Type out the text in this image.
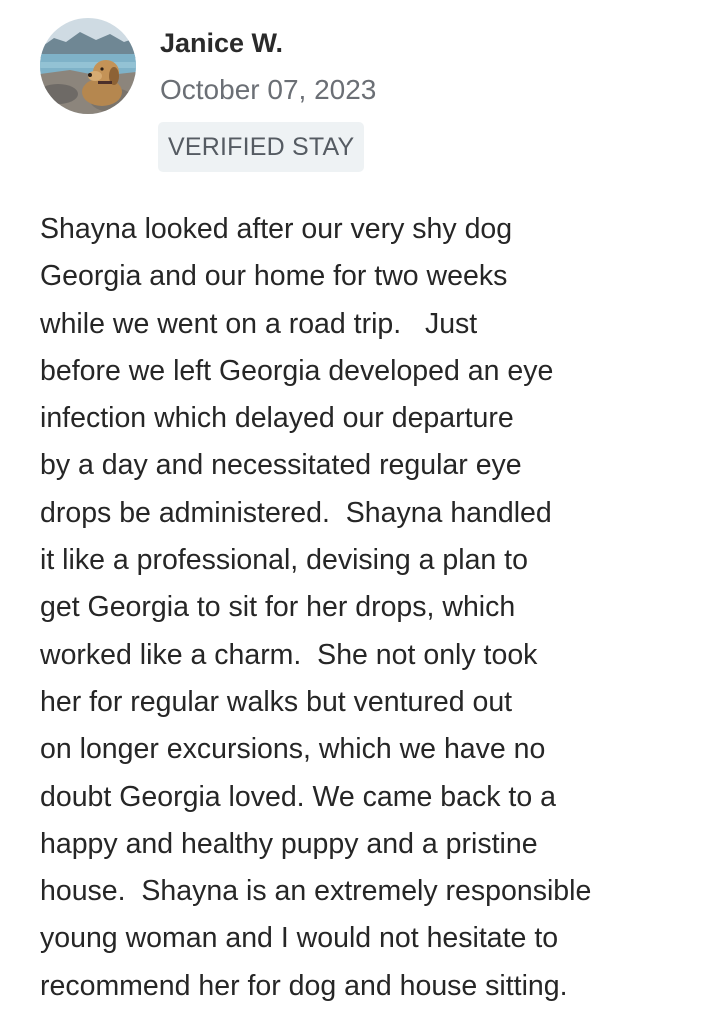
Janice W.
October 07, 2023
VERIFIED STAY

Shayna looked after our very shy dog
Georgia and our home for two weeks
while we went on a road trip.   Just
before we left Georgia developed an eye
infection which delayed our departure
by a day and necessitated regular eye
drops be administered.  Shayna handled
it like a professional, devising a plan to
get Georgia to sit for her drops, which
worked like a charm.  She not only took
her for regular walks but ventured out
on longer excursions, which we have no
doubt Georgia loved. We came back to a
happy and healthy puppy and a pristine
house.  Shayna is an extremely responsible
young woman and I would not hesitate to
recommend her for dog and house sitting.
